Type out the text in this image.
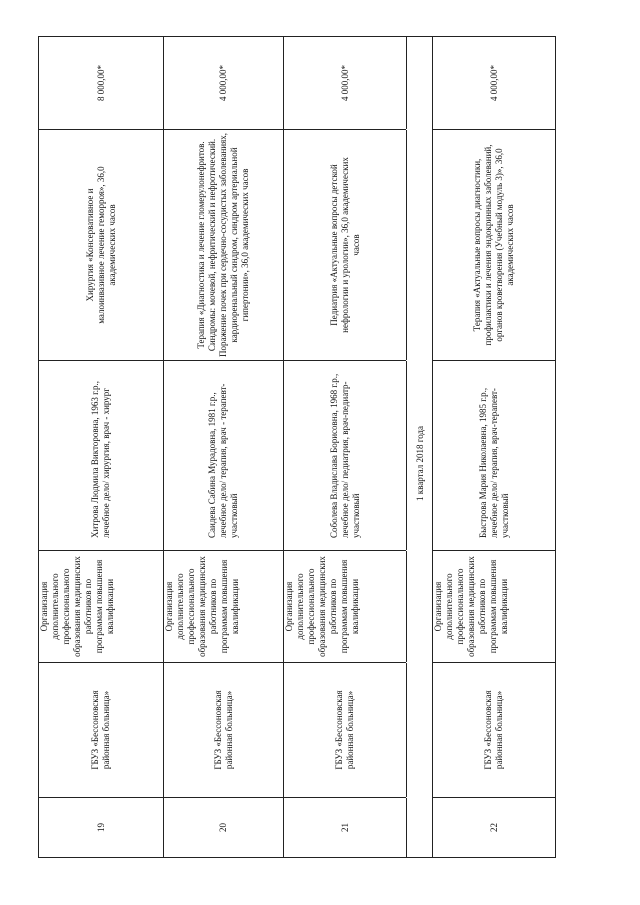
19
ГБУЗ «Бессоновская районная больница»
Организация дополнительного профессионального образования медицинских работников по программам повышения квалификации
Хитрова Людмила Викторовна, 1963 г.р., лечебное дело/ хирургия, врач - хирург
Хирургия «Консервативное и малоинвазивное лечение геморроя», 36,0 академических часов
8 000,00*
20
ГБУЗ «Бессоновская районная больница»
Организация дополнительного профессионального образования медицинских работников по программам повышения квалификации
Саидева Сабина Мурадовна, 1981 г.р., лечебное дело/ терапия, врач - терапевт-участковый
Терапия «Диагностика и лечение гломерулонефритов. Синдромы: мочевой, нефритический и нефротический. Поражение почек при сердечно-сосудистых заболеваниях, кардиоренальный синдром, синдром артериальной гипертонии», 36,0 академических часов
4 000,00*
21
ГБУЗ «Бессоновская районная больница»
Организация дополнительного профессионального образования медицинских работников по программам повышения квалификации
Соболева Владислава Борисовна, 1968 г.р., лечебное дело/ педиатрия, врач-педиатр-участковый
Педиатрия «Актуальные вопросы детской нефрологии и урологии», 36,0 академических часов
4 000,00*
1 квартал 2018 года
22
ГБУЗ «Бессоновская районная больница»
Организация дополнительного профессионального образования медицинских работников по программам повышения квалификации
Быстрова Мария Николаевна, 1985 г.р., лечебное дело/ терапия, врач-терапевт-участковый
Терапия «Актуальные вопросы диагностики, профилактики и лечения эндокринных заболеваний, органов кроветворения (Учебный модуль 3)», 36,0 академических часов
4 000,00*
